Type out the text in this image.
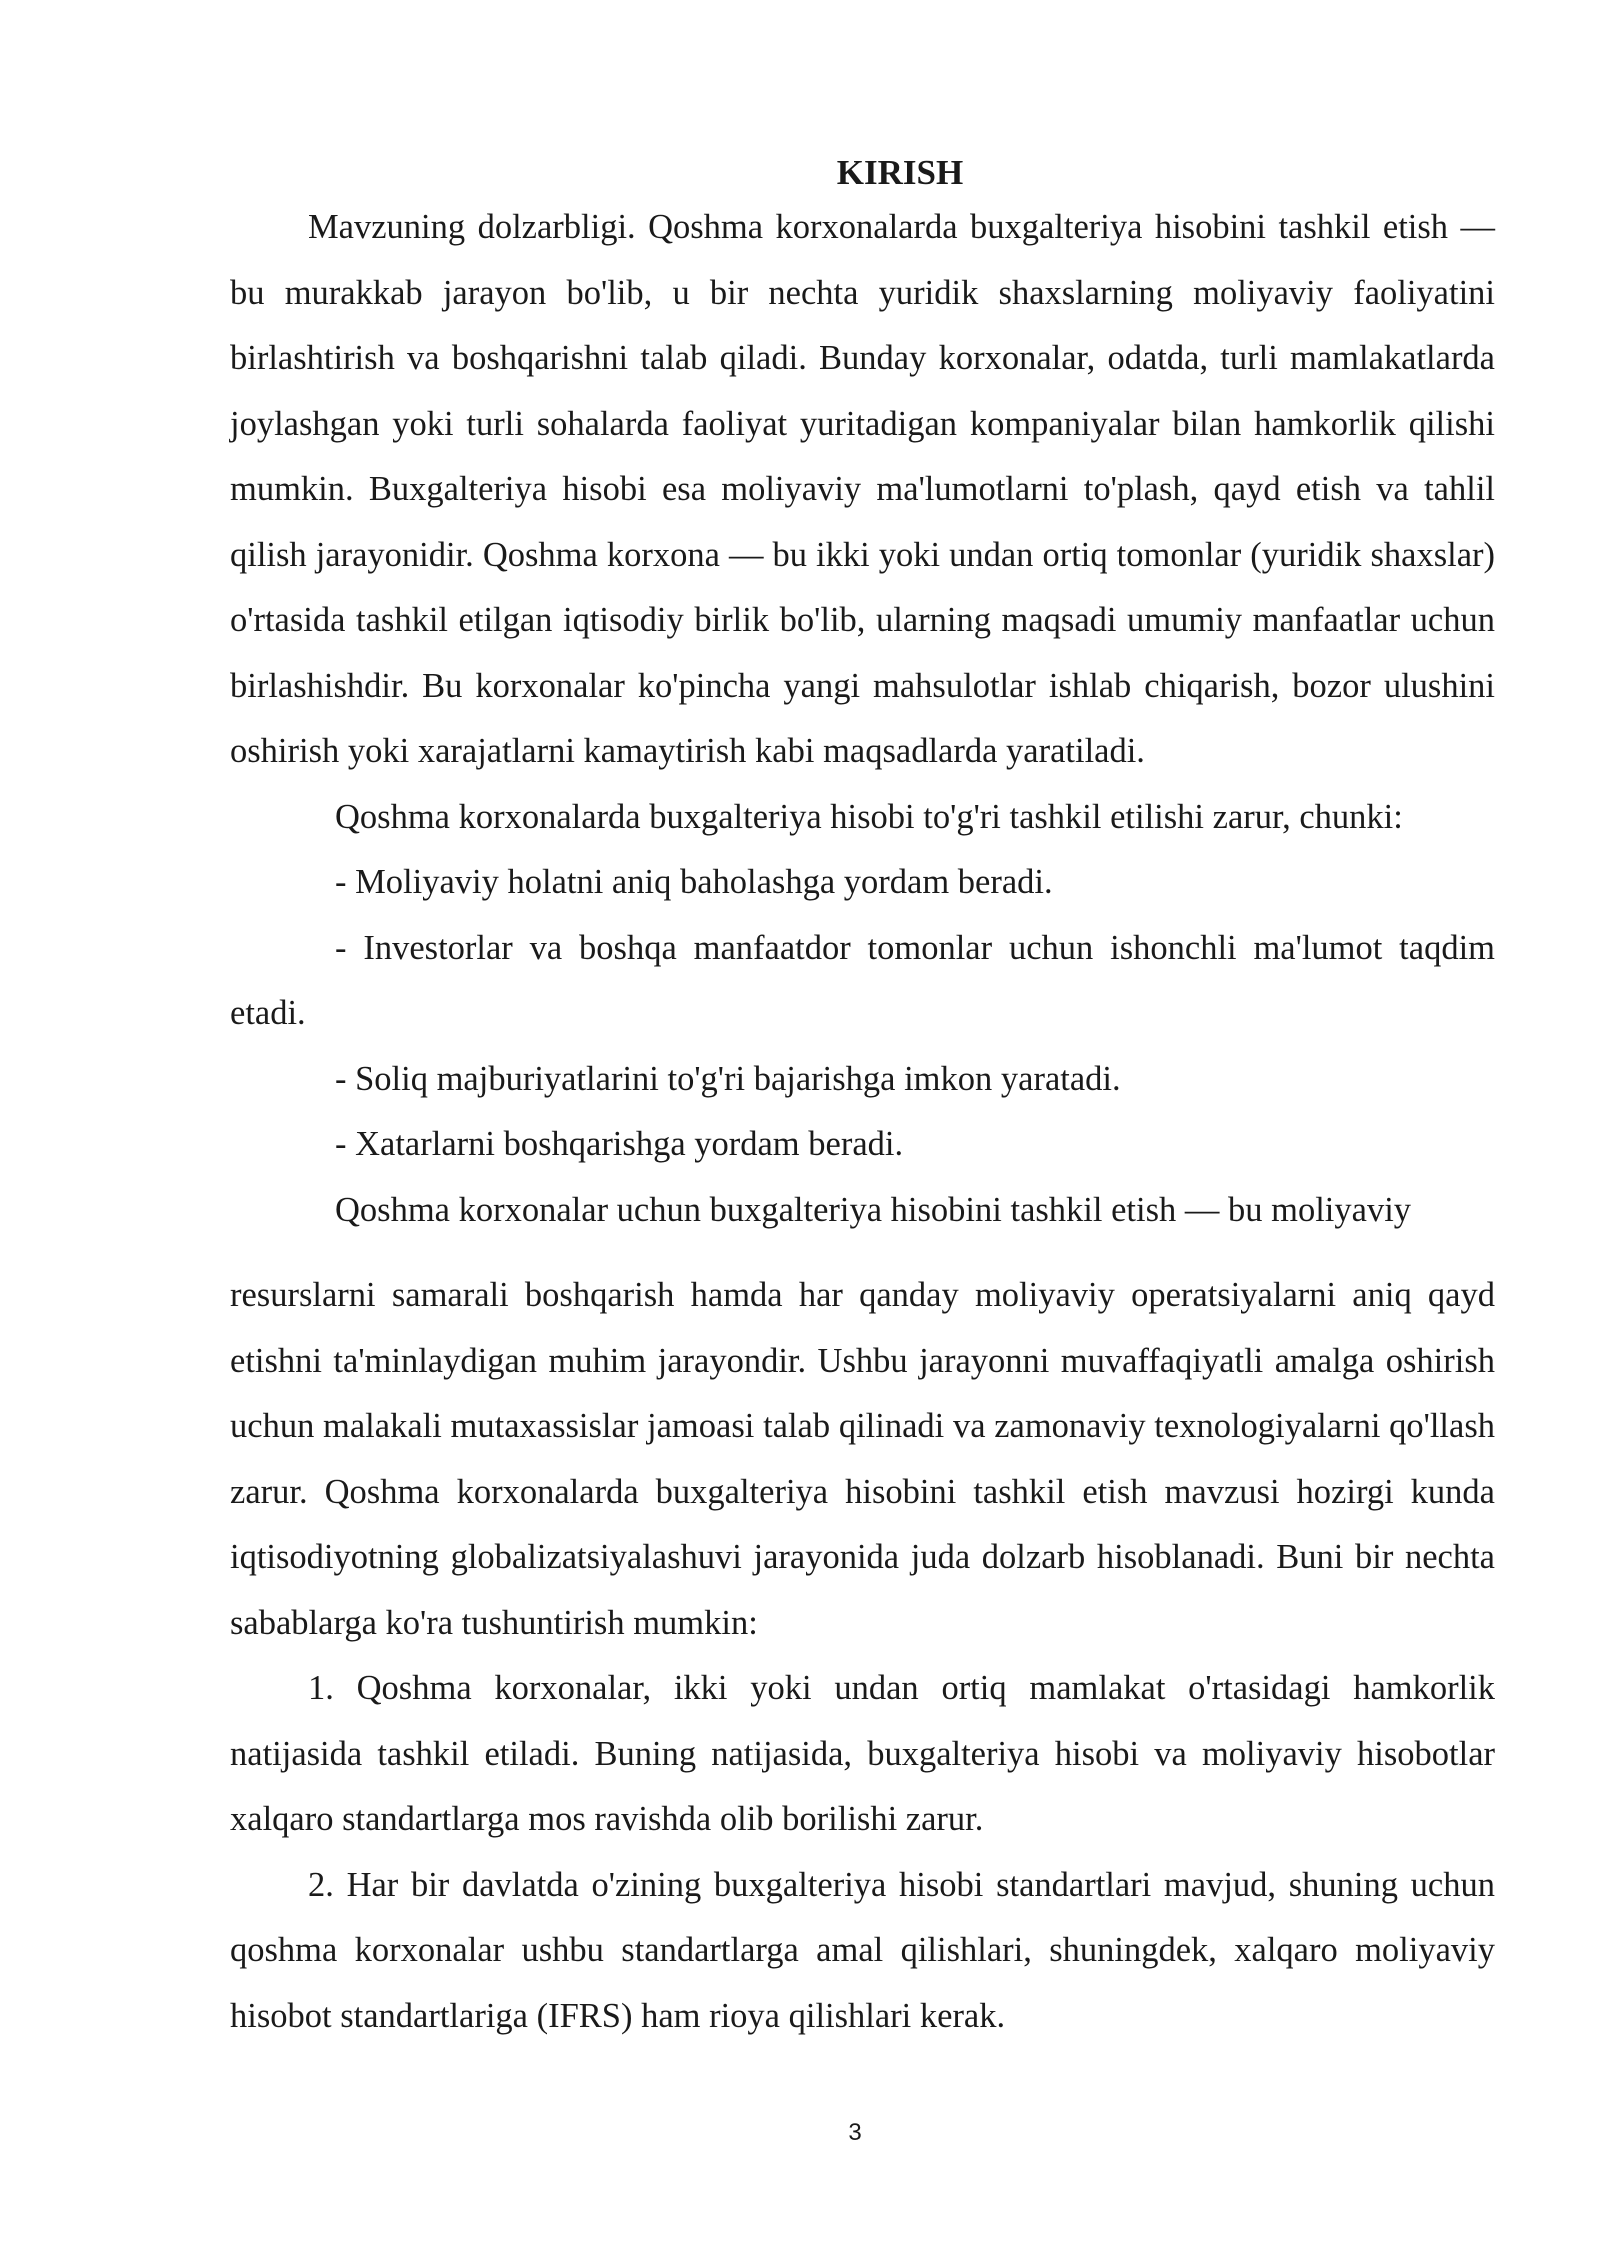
KIRISH

Mavzuning dolzarbligi. Qoshma korxonalarda buxgalteriya hisobini tashkil etish — bu murakkab jarayon bo'lib, u bir nechta yuridik shaxslarning moliyaviy faoliyatini birlashtirish va boshqarishni talab qiladi. Bunday korxonalar, odatda, turli mamlakatlarda joylashgan yoki turli sohalarda faoliyat yuritadigan kompaniyalar bilan hamkorlik qilishi mumkin. Buxgalteriya hisobi esa moliyaviy ma'lumotlarni to'plash, qayd etish va tahlil qilish jarayonidir. Qoshma korxona — bu ikki yoki undan ortiq tomonlar (yuridik shaxslar) o'rtasida tashkil etilgan iqtisodiy birlik bo'lib, ularning maqsadi umumiy manfaatlar uchun birlashishdir. Bu korxonalar ko'pincha yangi mahsulotlar ishlab chiqarish, bozor ulushini oshirish yoki xarajatlarni kamaytirish kabi maqsadlarda yaratiladi.

Qoshma korxonalarda buxgalteriya hisobi to'g'ri tashkil etilishi zarur, chunki:

- Moliyaviy holatni aniq baholashga yordam beradi.

- Investorlar va boshqa manfaatdor tomonlar uchun ishonchli ma'lumot taqdim etadi.

- Soliq majburiyatlarini to'g'ri bajarishga imkon yaratadi.

- Xatarlarni boshqarishga yordam beradi.

Qoshma korxonalar uchun buxgalteriya hisobini tashkil etish — bu moliyaviy

resurslarni samarali boshqarish hamda har qanday moliyaviy operatsiyalarni aniq qayd etishni ta'minlaydigan muhim jarayondir. Ushbu jarayonni muvaffaqiyatli amalga oshirish uchun malakali mutaxassislar jamoasi talab qilinadi va zamonaviy texnologiyalarni qo'llash zarur. Qoshma korxonalarda buxgalteriya hisobini tashkil etish mavzusi hozirgi kunda iqtisodiyotning globalizatsiyalashuvi jarayonida juda dolzarb hisoblanadi. Buni bir nechta sabablarga ko'ra tushuntirish mumkin:

1. Qoshma korxonalar, ikki yoki undan ortiq mamlakat o'rtasidagi hamkorlik natijasida tashkil etiladi. Buning natijasida, buxgalteriya hisobi va moliyaviy hisobotlar xalqaro standartlarga mos ravishda olib borilishi zarur.

2. Har bir davlatda o'zining buxgalteriya hisobi standartlari mavjud, shuning uchun qoshma korxonalar ushbu standartlarga amal qilishlari, shuningdek, xalqaro moliyaviy hisobot standartlariga (IFRS) ham rioya qilishlari kerak.

3
